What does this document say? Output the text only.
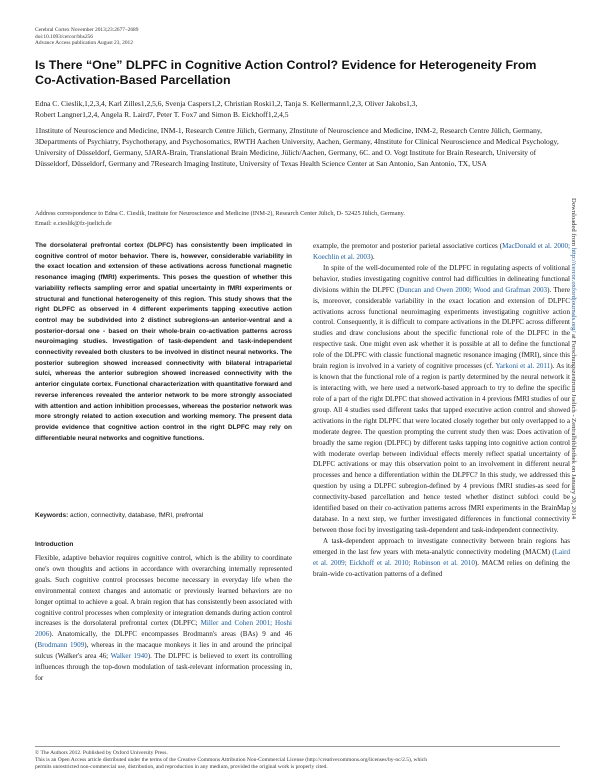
Cerebral Cortex November 2013;23:2677–2689
doi:10.1093/cercor/bhs256
Advance Access publication August 23, 2012
Is There “One” DLPFC in Cognitive Action Control? Evidence for Heterogeneity From Co-Activation-Based Parcellation
Edna C. Cieslik,1,2,3,4, Karl Zilles1,2,5,6, Svenja Caspers1,2, Christian Roski1,2, Tanja S. Kellermann1,2,3, Oliver Jakobs1,3,
Robert Langner1,2,4, Angela R. Laird7, Peter T. Fox7 and Simon B. Eickhoff1,2,4,5
1Institute of Neuroscience and Medicine, INM-1, Research Centre Jülich, Germany, 2Institute of Neuroscience and Medicine, INM-2, Research Centre Jülich, Germany, 3Departments of Psychiatry, Psychotherapy, and Psychosomatics, RWTH Aachen University, Aachen, Germany, 4Institute for Clinical Neuroscience and Medical Psychology, University of Düsseldorf, Germany, 5JARA-Brain, Translational Brain Medicine, Jülich/Aachen, Germany, 6C. and O. Vogt Institute for Brain Research, University of Düsseldorf, Düsseldorf, Germany and 7Research Imaging Institute, University of Texas Health Science Center at San Antonio, San Antonio, TX, USA
Address correspondence to Edna C. Cieslik, Institute for Neuroscience and Medicine (INM-2), Research Center Jülich, D- 52425 Jülich, Germany.
Email: e.cieslik@fz-juelich.de	Downloaded from http://cercor.oxfordjournals.org/ at Forschungszentrum Juelich - Zentralbibliothek on January 20, 2014
The dorsolateral prefrontal cortex (DLPFC) has consistently been implicated in cognitive control of motor behavior. There is, however, considerable variability in the exact location and extension of these activations across functional magnetic resonance imaging (fMRI) experiments. This poses the question of whether this variability reflects sampling error and spatial uncertainty in fMRI experiments or structural and functional heterogeneity of this region. This study shows that the right DLPFC as observed in 4 different experiments tapping executive action control may be subdivided into 2 distinct subregions-an anterior-ventral and a posterior-dorsal one - based on their whole-brain co-activation patterns across neuroimaging studies. Investigation of task-dependent and task-independent connectivity revealed both clusters to be involved in distinct neural networks. The posterior subregion showed increased connectivity with bilateral intraparietal sulci, whereas the anterior subregion showed increased connectivity with the anterior cingulate cortex. Functional characterization with quantitative forward and reverse inferences revealed the anterior network to be more strongly associated with attention and action inhibition processes, whereas the posterior network was more strongly related to action execution and working memory. The present data provide evidence that cognitive action control in the right DLPFC may rely on differentiable neural networks and cognitive functions.
Keywords: action, connectivity, database, fMRI, prefrontal
Introduction
Flexible, adaptive behavior requires cognitive control, which is the ability to coordinate one's own thoughts and actions in accordance with overarching internally represented goals. Such cognitive control processes become necessary in everyday life when the environmental context changes and automatic or previously learned behaviors are no longer optimal to achieve a goal. A brain region that has consistently been associated with cognitive control processes when complexity or integration demands during action control increases is the dorsolateral prefrontal cortex (DLPFC; Miller and Cohen 2001; Hoshi 2006). Anatomically, the DLPFC encompasses Brodmann's areas (BAs) 9 and 46 (Brodmann 1909), whereas in the macaque monkeys it lies in and around the principal sulcus (Walker's area 46; Walker 1940). The DLPFC is believed to exert its controlling influences through the top-down modulation of task-relevant information processing in, for

example, the premotor and posterior parietal associative cortices (MacDonald et al. 2000; Koechlin et al. 2003).

In spite of the well-documented role of the DLPFC in regulating aspects of volitional behavior, studies investigating cognitive control had difficulties in delineating functional divisions within the DLPFC (Duncan and Owen 2000; Wood and Grafman 2003). There is, moreover, considerable variability in the exact location and extension of DLPFC activations across functional neuroimaging experiments investigating cognitive action control. Consequently, it is difficult to compare activations in the DLPFC across different studies and draw conclusions about the specific functional role of the DLPFC in the respective task. One might even ask whether it is possible at all to define the functional role of the DLPFC with classic functional magnetic resonance imaging (fMRI), since this brain region is involved in a variety of cognitive processes (cf. Yarkoni et al. 2011). As it is known that the functional role of a region is partly determined by the neural network it is interacting with, we here used a network-based approach to try to define the specific role of a part of the right DLPFC that showed activation in 4 previous fMRI studies of our group. All 4 studies used different tasks that tapped executive action control and showed activations in the right DLPFC that were located closely together but only overlapped to a moderate degree. The question prompting the current study then was: Does activation of broadly the same region (DLPFC) by different tasks tapping into cognitive action control with moderate overlap between individual effects merely reflect spatial uncertainty of DLPFC activations or may this observation point to an involvement in different neural processes and hence a differentiation within the DLPFC? In this study, we addressed this question by using a DLPFC subregion-defined by 4 previous fMRI studies-as seed for connectivity-based parcellation and hence tested whether distinct subfoci could be identified based on their co-activation patterns across fMRI experiments in the BrainMap database. In a next step, we further investigated differences in functional connectivity between those foci by investigating task-dependent and task-independent connectivity.

A task-dependent approach to investigate connectivity between brain regions has emerged in the last few years with meta-analytic connectivity modeling (MACM) (Laird et al. 2009; Eickhoff et al. 2010; Robinson et al. 2010). MACM relies on defining the brain-wide co-activation patterns of a defined

© The Authors 2012. Published by Oxford University Press.
This is an Open Access article distributed under the terms of the Creative Commons Attribution Non-Commercial License (http://creativecommons.org/licenses/by-nc/2.5), which
permits unrestricted non-commercial use, distribution, and reproduction in any medium, provided the original work is properly cited.
